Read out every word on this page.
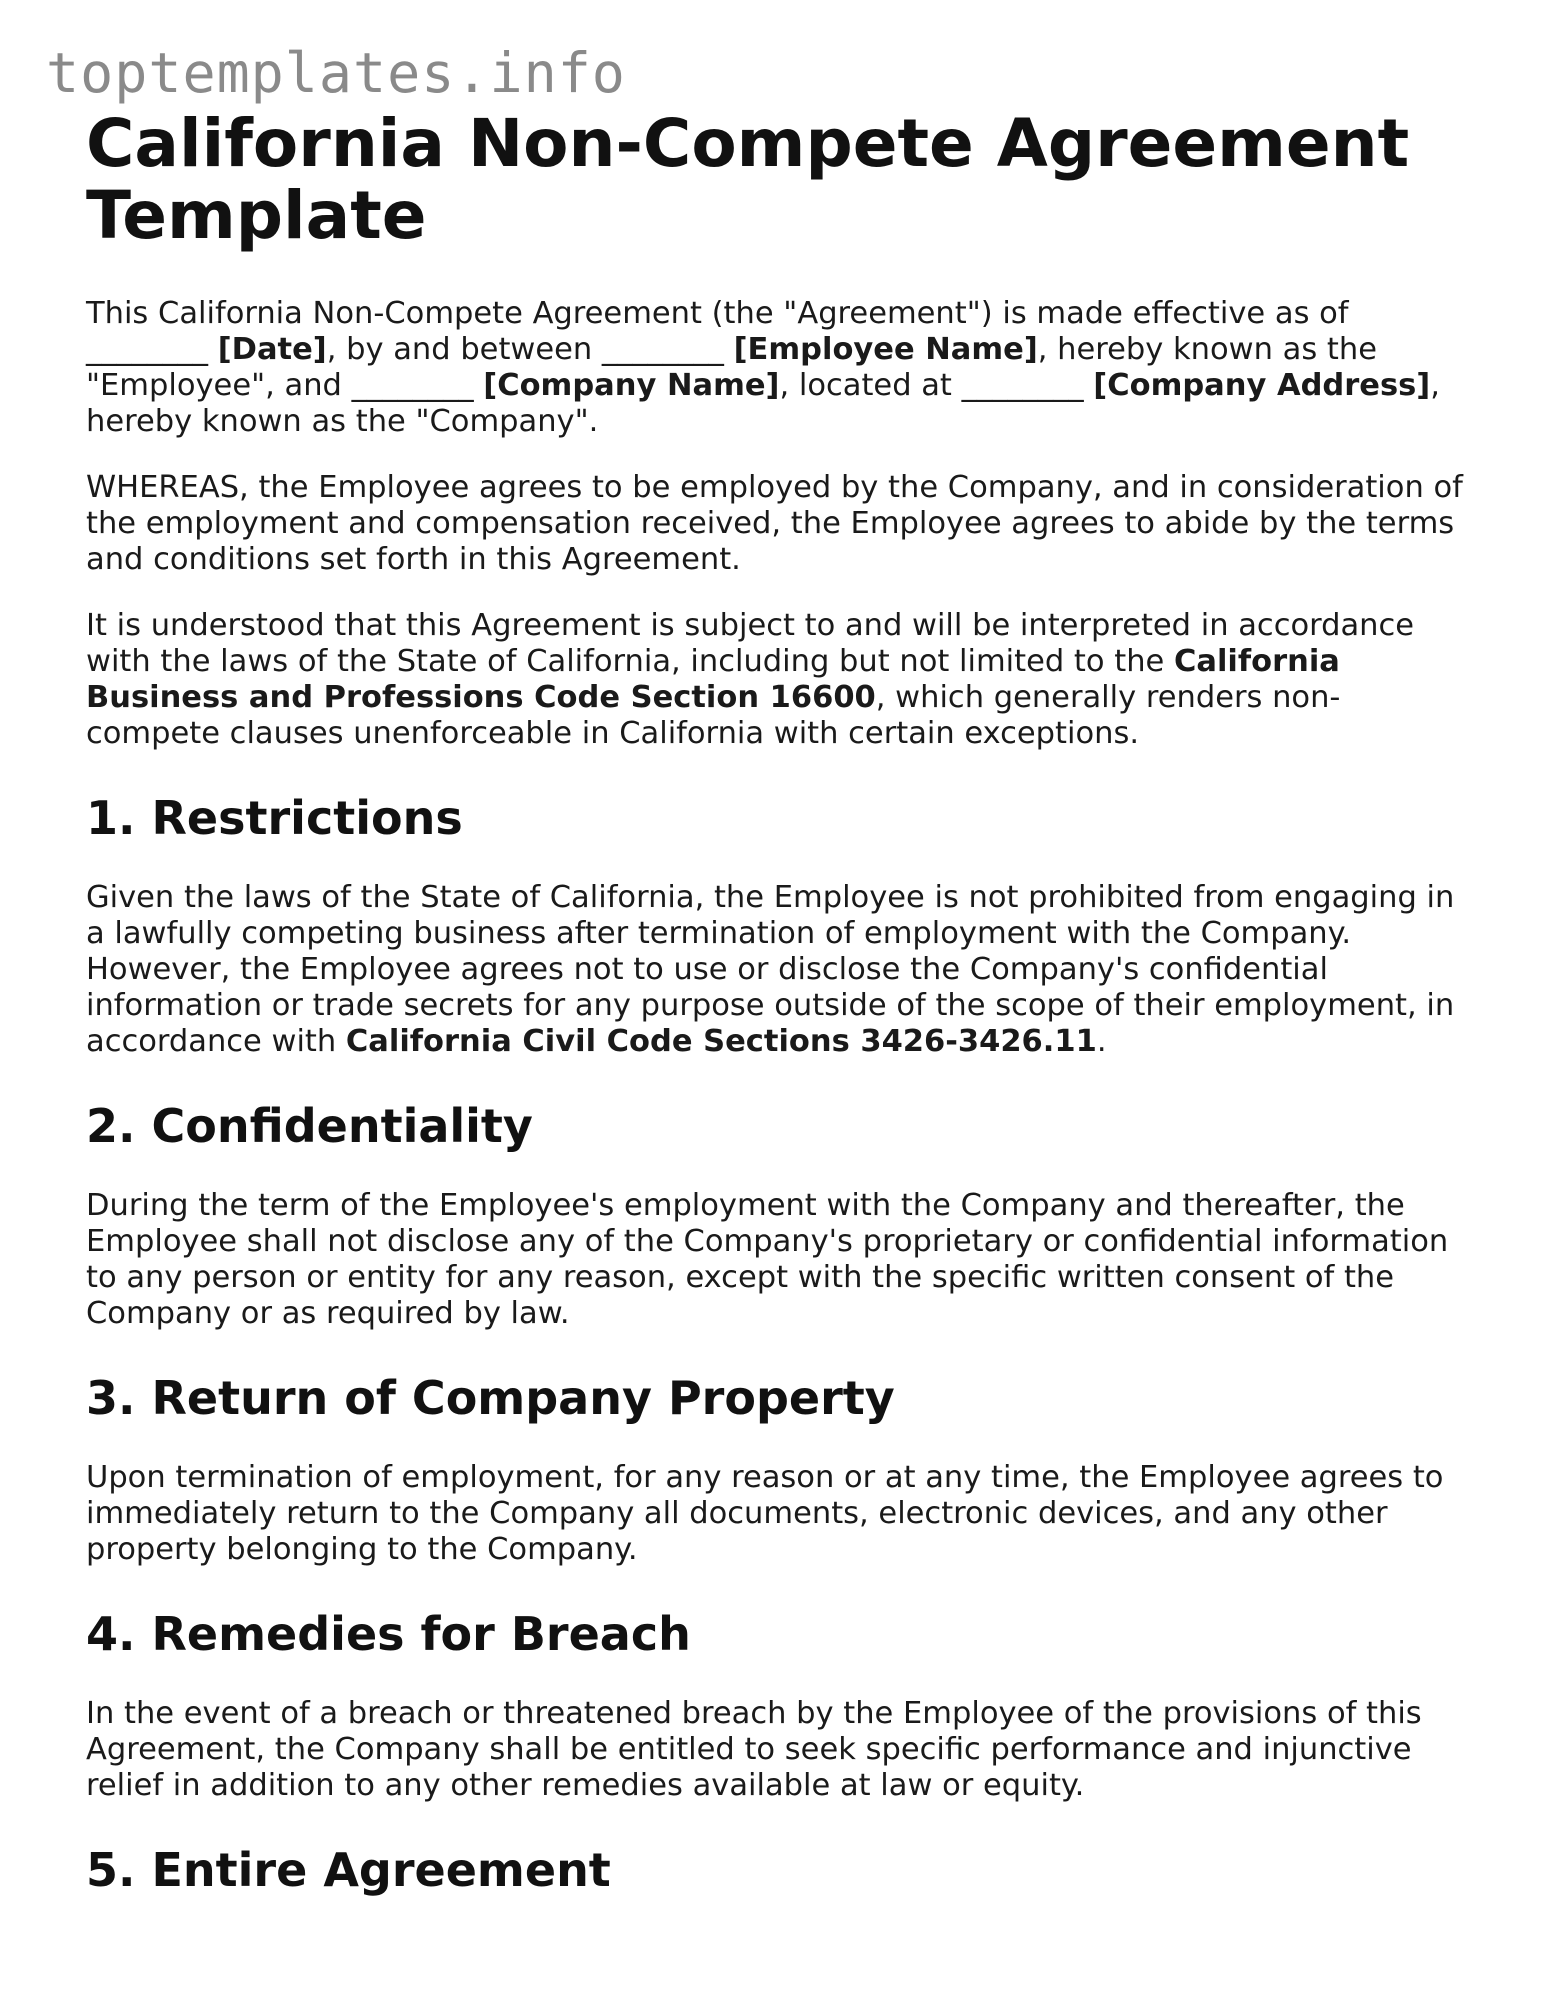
toptemplates.info
California Non-Compete Agreement Template

This California Non-Compete Agreement (the "Agreement") is made effective as of ________ [Date], by and between ________ [Employee Name], hereby known as the "Employee", and ________ [Company Name], located at ________ [Company Address], hereby known as the "Company".

WHEREAS, the Employee agrees to be employed by the Company, and in consideration of the employment and compensation received, the Employee agrees to abide by the terms and conditions set forth in this Agreement.

It is understood that this Agreement is subject to and will be interpreted in accordance with the laws of the State of California, including but not limited to the California Business and Professions Code Section 16600, which generally renders non-compete clauses unenforceable in California with certain exceptions.

1. Restrictions

Given the laws of the State of California, the Employee is not prohibited from engaging in a lawfully competing business after termination of employment with the Company. However, the Employee agrees not to use or disclose the Company's confidential information or trade secrets for any purpose outside of the scope of their employment, in accordance with California Civil Code Sections 3426-3426.11.

2. Confidentiality

During the term of the Employee's employment with the Company and thereafter, the Employee shall not disclose any of the Company's proprietary or confidential information to any person or entity for any reason, except with the specific written consent of the Company or as required by law.

3. Return of Company Property

Upon termination of employment, for any reason or at any time, the Employee agrees to immediately return to the Company all documents, electronic devices, and any other property belonging to the Company.

4. Remedies for Breach

In the event of a breach or threatened breach by the Employee of the provisions of this Agreement, the Company shall be entitled to seek specific performance and injunctive relief in addition to any other remedies available at law or equity.

5. Entire Agreement
